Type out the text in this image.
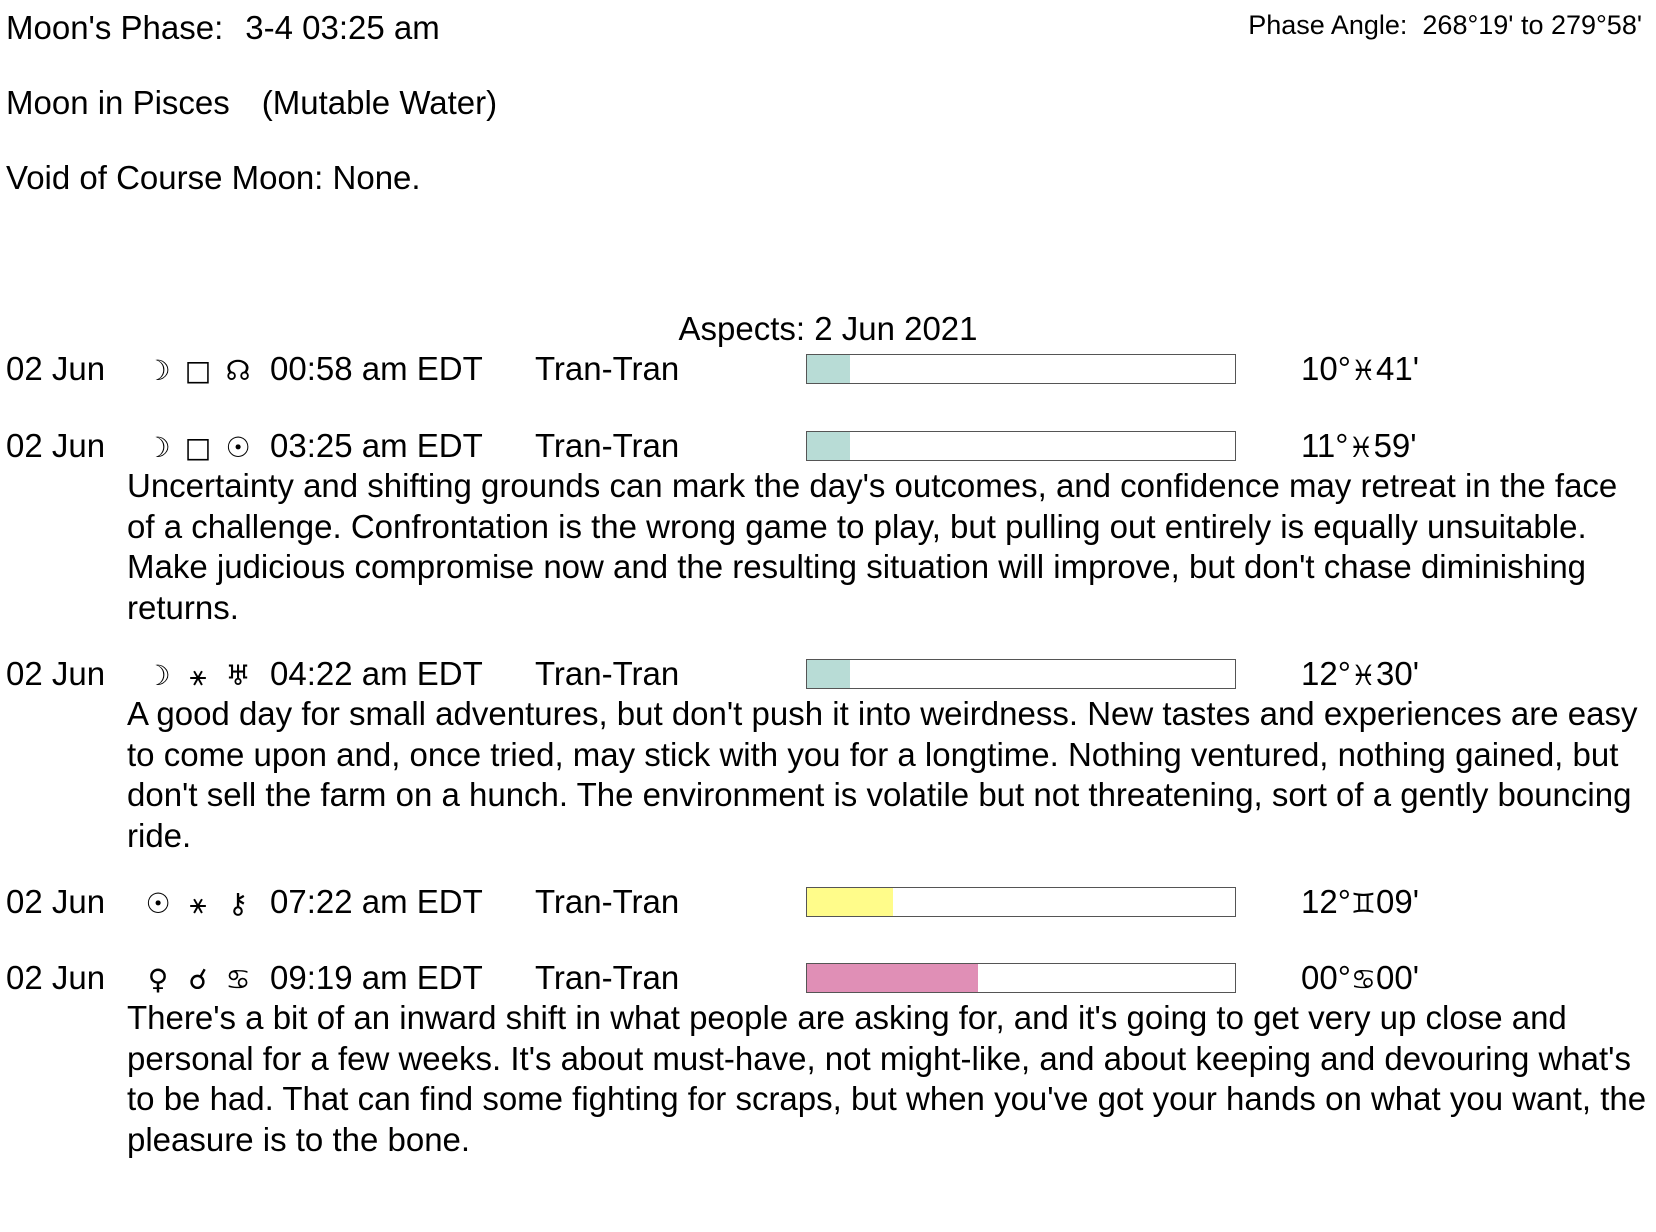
Moon's Phase: 3-4 03:25 am	Phase Angle: 268°19' to 279°58'
Moon in Pisces (Mutable Water)
Void of Course Moon: None.
Aspects: 2 Jun 2021
02 Jun ☽ □ ☊ 00:58 am EDT Tran-Tran	10°♓41'
02 Jun ☽ □ ☉ 03:25 am EDT Tran-Tran	11°♓59'
Uncertainty and shifting grounds can mark the day's outcomes, and confidence may retreat in the face of a challenge. Confrontation is the wrong game to play, but pulling out entirely is equally unsuitable. Make judicious compromise now and the resulting situation will improve, but don't chase diminishing returns.
02 Jun ☽ ⚹ ♅ 04:22 am EDT Tran-Tran	12°♓30'
A good day for small adventures, but don't push it into weirdness. New tastes and experiences are easy to come upon and, once tried, may stick with you for a longtime. Nothing ventured, nothing gained, but don't sell the farm on a hunch. The environment is volatile but not threatening, sort of a gently bouncing ride.
02 Jun ☉ ⚹ ⚷ 07:22 am EDT Tran-Tran	12°♊09'
02 Jun	♀ ☌ ♋ 09:19 am EDT Tran-Tran	00°♋00'
There's a bit of an inward shift in what people are asking for, and it's going to get very up close and personal for a few weeks. It's about must-have, not might-like, and about keeping and devouring what's to be had. That can find some fighting for scraps, but when you've got your hands on what you want, the pleasure is to the bone.
